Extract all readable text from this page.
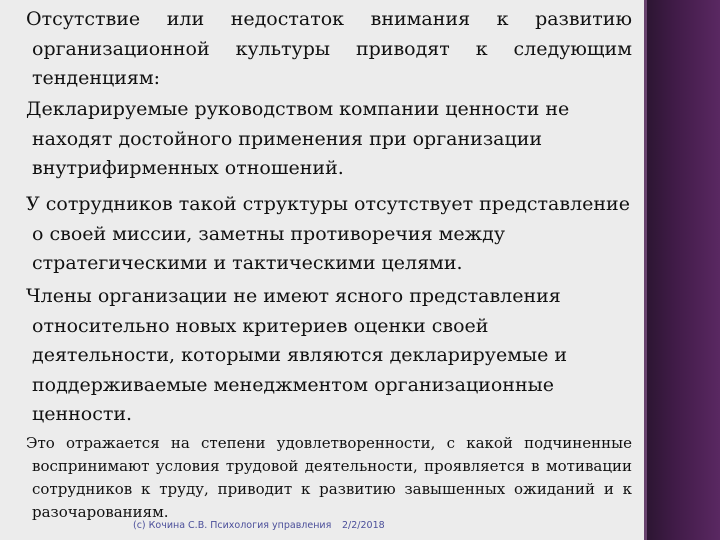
Отсутствие или недостаток внимания к развитию организационной культуры приводят к следующим тенденциям:
Декларируемые руководством компании ценности не находят достойного применения при организации внутрифирменных отношений.
У сотрудников такой структуры отсутствует представление о своей миссии, заметны противоречия между стратегическими и тактическими целями.
Члены организации не имеют ясного представления относительно новых критериев оценки своей деятельности, которыми являются декларируемые и поддерживаемые менеджментом организационные ценности.
Это отражается на степени удовлетворенности, с какой подчиненные воспринимают условия трудовой деятельности, проявляется в мотивации сотрудников к труду, приводит к развитию завышенных ожиданий и к разочарованиям.
(c) Кочина С.В. Психология управления 2/2/2018
